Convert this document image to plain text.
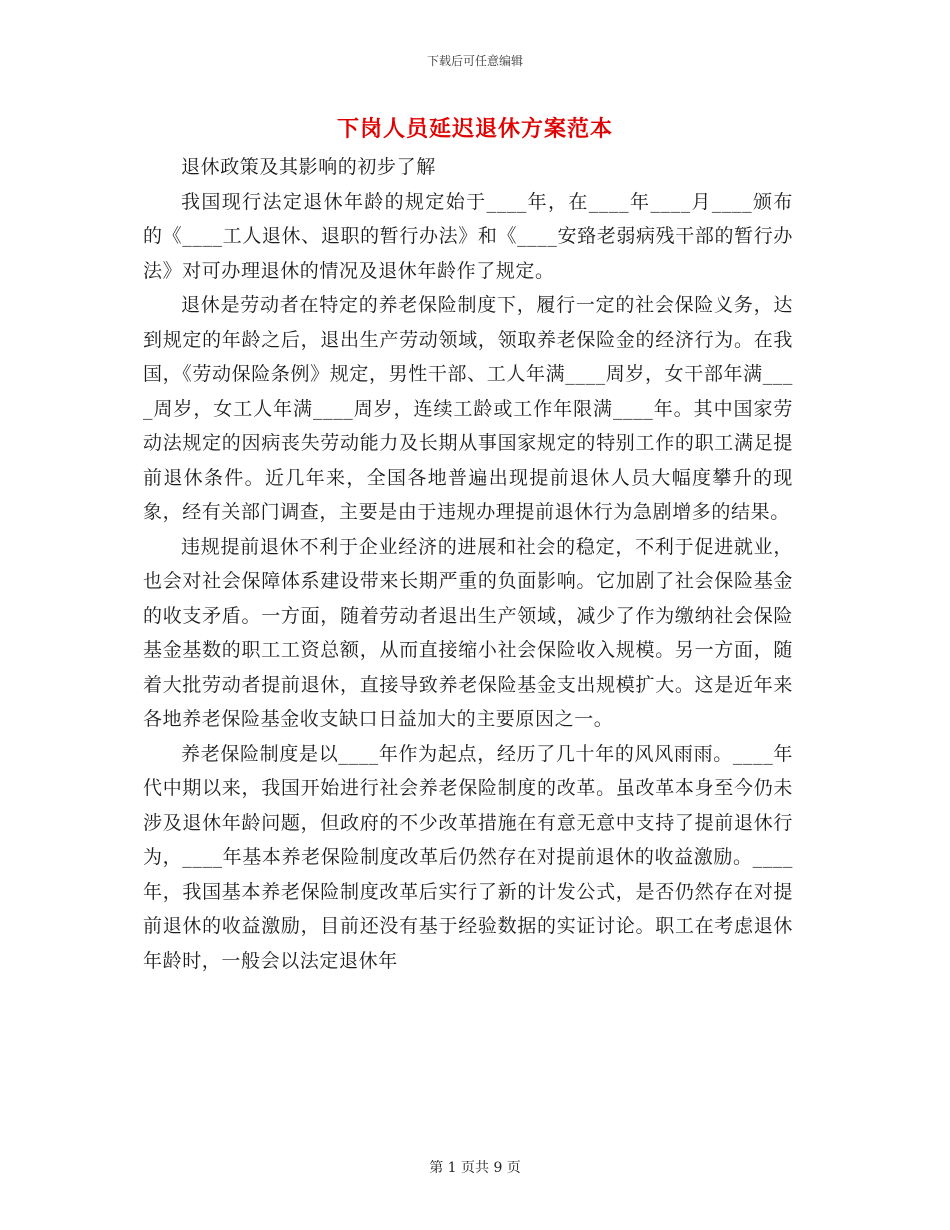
下载后可任意编辑
下岗人员延迟退休方案范本

退休政策及其影响的初步了解

我国现行法定退休年龄的规定始于____年，在____年____月____颁布的《____工人退休、退职的暂行办法》和《____安臵老弱病残干部的暂行办法》对可办理退休的情况及退休年龄作了规定。

退休是劳动者在特定的养老保险制度下，履行一定的社会保险义务，达到规定的年龄之后，退出生产劳动领域，领取养老保险金的经济行为。在我国，《劳动保险条例》规定，男性干部、工人年满____周岁，女干部年满____周岁，女工人年满____周岁，连续工龄或工作年限满____年。其中国家劳动法规定的因病丧失劳动能力及长期从事国家规定的特别工作的职工满足提前退休条件。近几年来，全国各地普遍出现提前退休人员大幅度攀升的现象，经有关部门调查，主要是由于违规办理提前退休行为急剧增多的结果。

违规提前退休不利于企业经济的进展和社会的稳定，不利于促进就业，也会对社会保障体系建设带来长期严重的负面影响。它加剧了社会保险基金的收支矛盾。一方面，随着劳动者退出生产领域，减少了作为缴纳社会保险基金基数的职工工资总额，从而直接缩小社会保险收入规模。另一方面，随着大批劳动者提前退休，直接导致养老保险基金支出规模扩大。这是近年来各地养老保险基金收支缺口日益加大的主要原因之一。

养老保险制度是以____年作为起点，经历了几十年的风风雨雨。____年代中期以来，我国开始进行社会养老保险制度的改革。虽改革本身至今仍未涉及退休年龄问题，但政府的不少改革措施在有意无意中支持了提前退休行为，____年基本养老保险制度改革后仍然存在对提前退休的收益激励。____年，我国基本养老保险制度改革后实行了新的计发公式，是否仍然存在对提前退休的收益激励，目前还没有基于经验数据的实证讨论。职工在考虑退休年龄时，一般会以法定退休年

第 1 页共 9 页
